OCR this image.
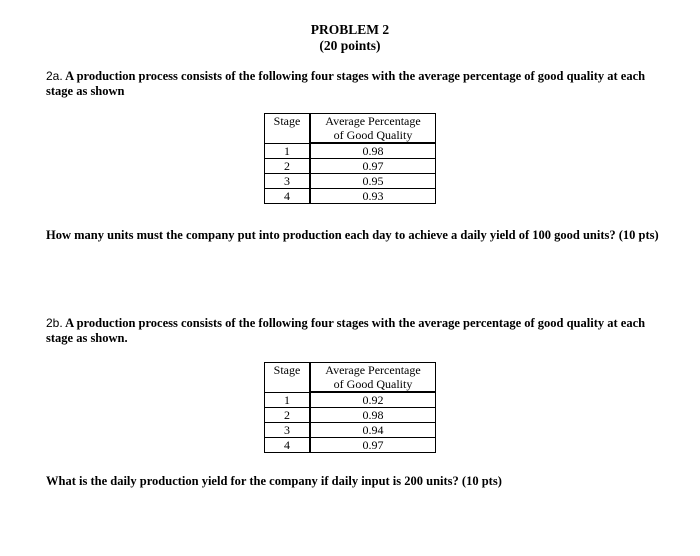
PROBLEM 2
(20 points)
2a. A production process consists of the following four stages with the average percentage of good quality at each stage as shown
Stage	Average Percentage
of Good Quality

1	0.98
2	0.97
3	0.95
4	0.93
How many units must the company put into production each day to achieve a daily yield of 100 good units? (10 pts)
2b. A production process consists of the following four stages with the average percentage of good quality at each stage as shown.
Stage	Average Percentage
of Good Quality

1	0.92
2	0.98
3	0.94
4	0.97
What is the daily production yield for the company if daily input is 200 units? (10 pts)
